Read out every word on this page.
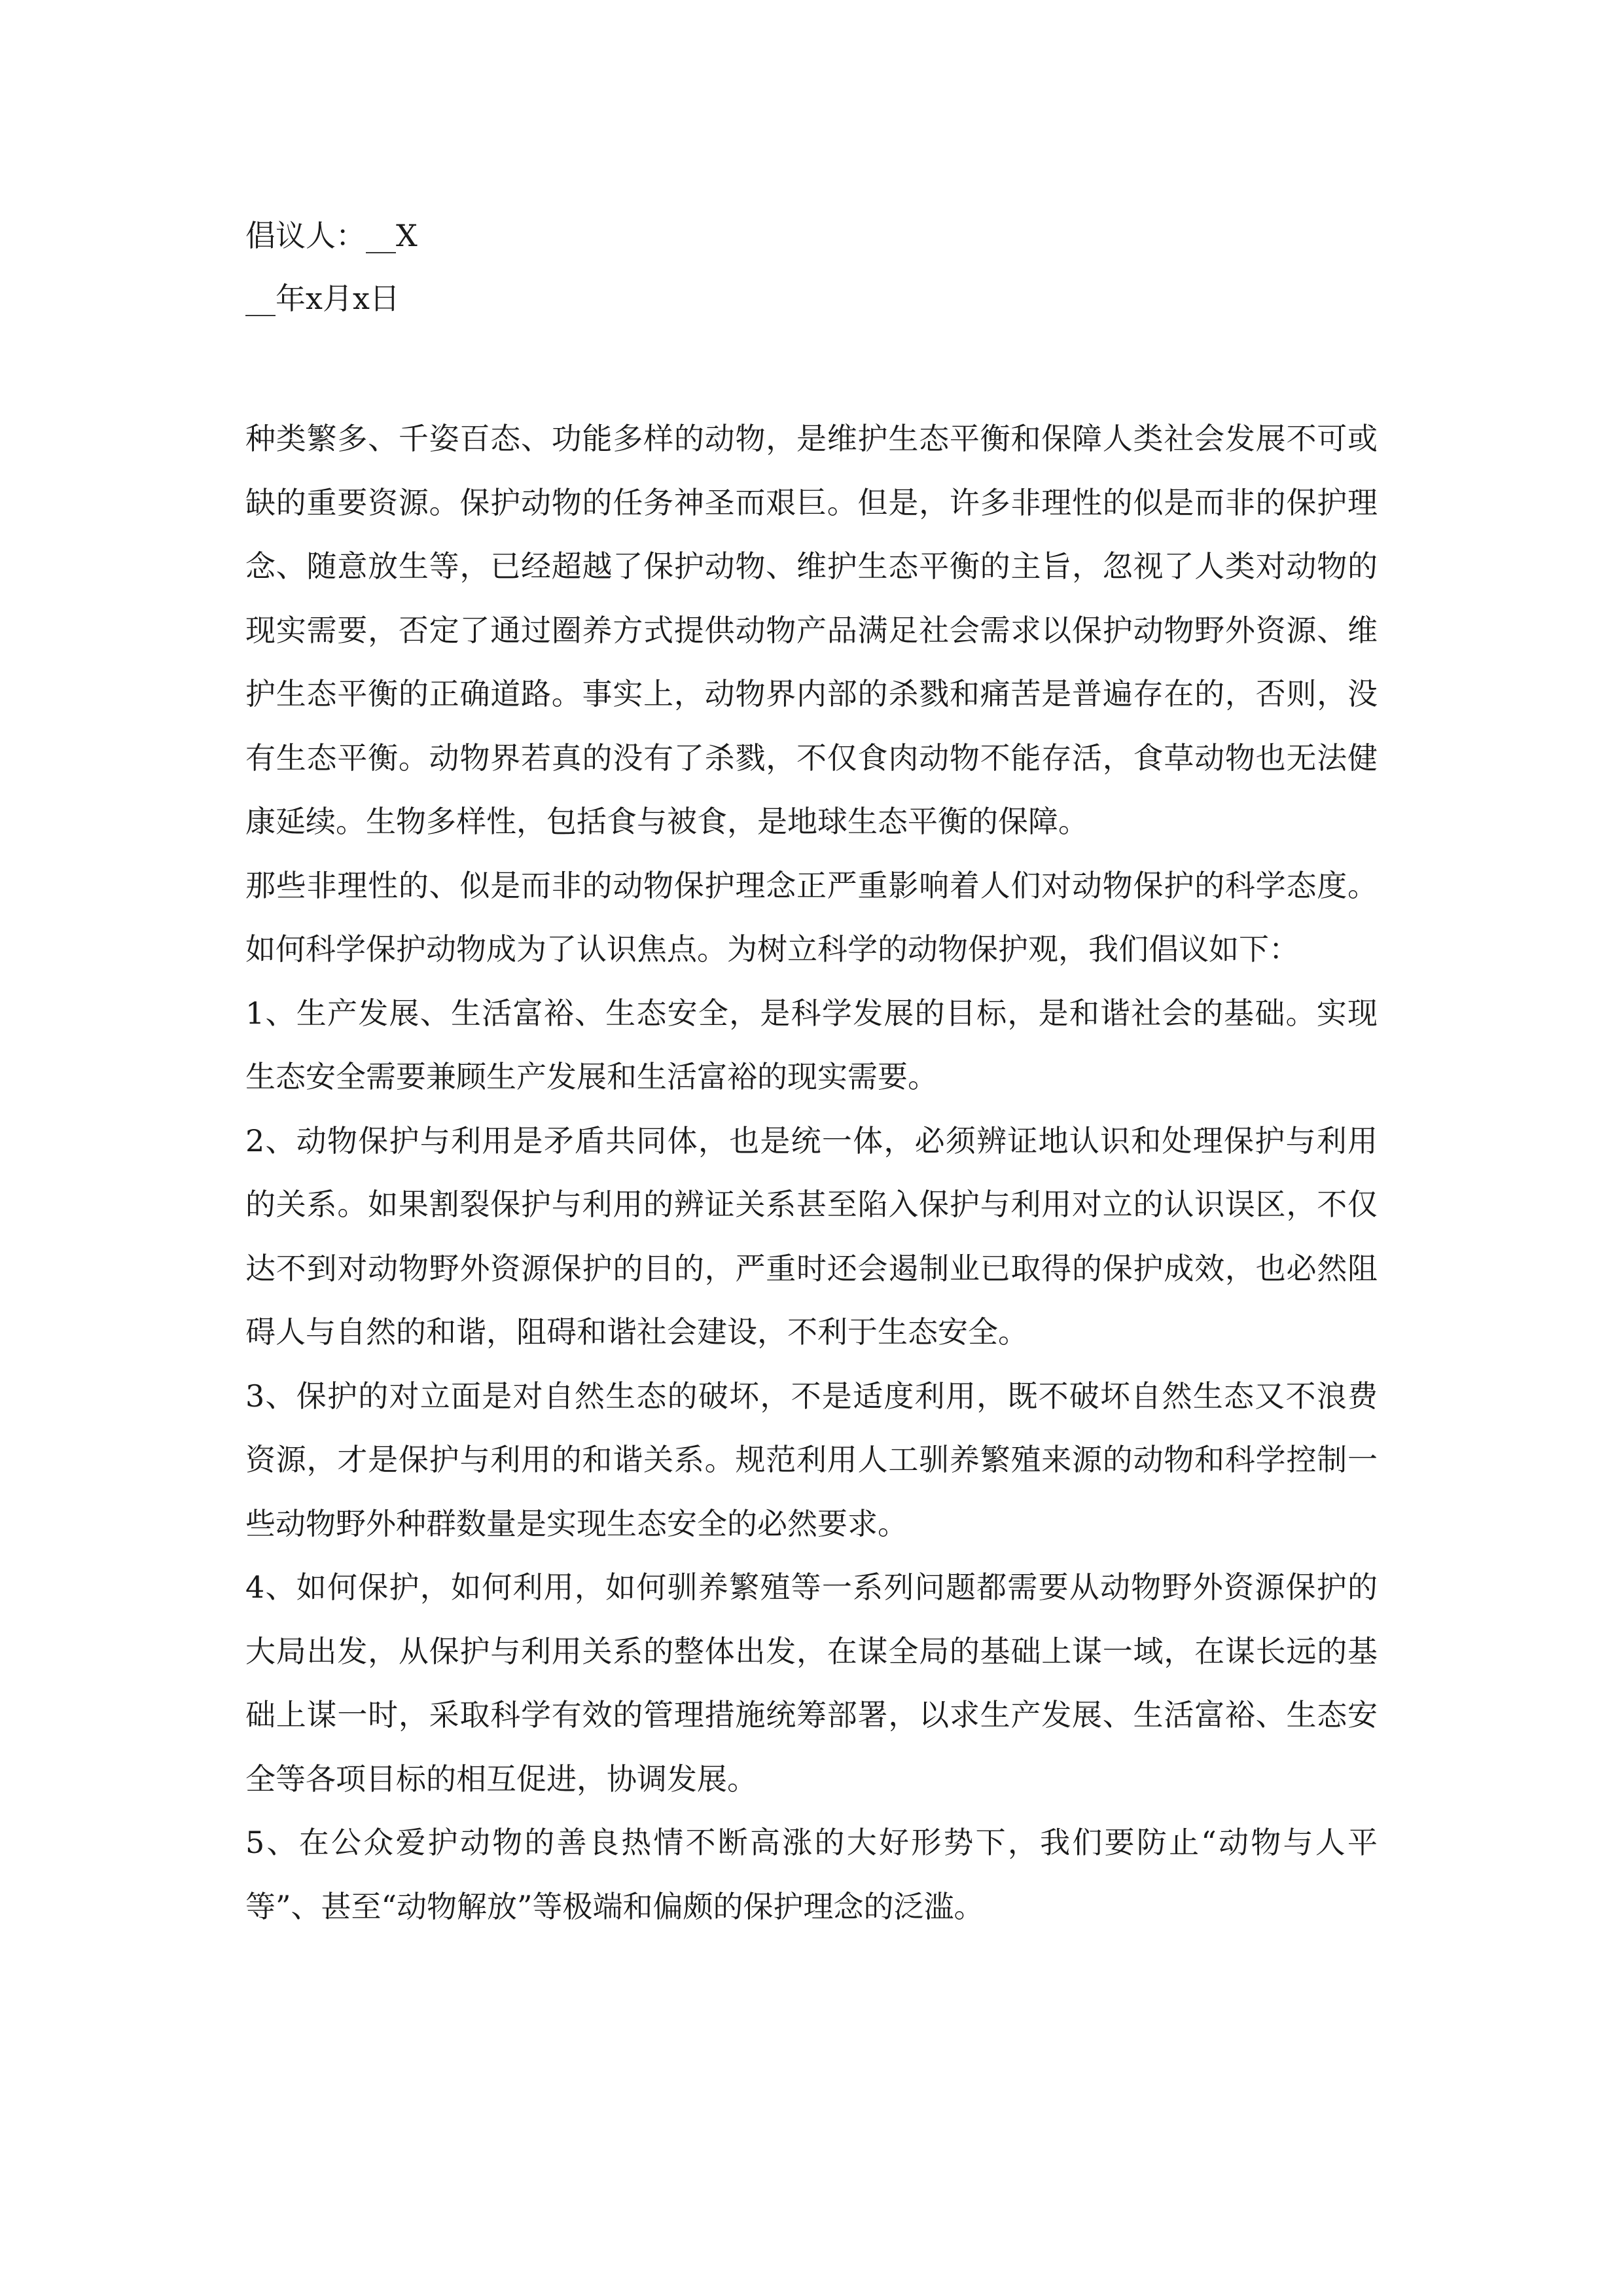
倡议人：__X

__年x月x日

种类繁多、千姿百态、功能多样的动物，是维护生态平衡和保障人类社会发展不可或缺的重要资源。保护动物的任务神圣而艰巨。但是，许多非理性的似是而非的保护理念、随意放生等，已经超越了保护动物、维护生态平衡的主旨，忽视了人类对动物的现实需要，否定了通过圈养方式提供动物产品满足社会需求以保护动物野外资源、维护生态平衡的正确道路。事实上，动物界内部的杀戮和痛苦是普遍存在的，否则，没有生态平衡。动物界若真的没有了杀戮，不仅食肉动物不能存活，食草动物也无法健康延续。生物多样性，包括食与被食，是地球生态平衡的保障。

那些非理性的、似是而非的动物保护理念正严重影响着人们对动物保护的科学态度。如何科学保护动物成为了认识焦点。为树立科学的动物保护观，我们倡议如下：

1、生产发展、生活富裕、生态安全，是科学发展的目标，是和谐社会的基础。实现生态安全需要兼顾生产发展和生活富裕的现实需要。

2、动物保护与利用是矛盾共同体，也是统一体，必须辨证地认识和处理保护与利用的关系。如果割裂保护与利用的辨证关系甚至陷入保护与利用对立的认识误区，不仅达不到对动物野外资源保护的目的，严重时还会遏制业已取得的保护成效，也必然阻碍人与自然的和谐，阻碍和谐社会建设，不利于生态安全。

3、保护的对立面是对自然生态的破坏，不是适度利用，既不破坏自然生态又不浪费资源，才是保护与利用的和谐关系。规范利用人工驯养繁殖来源的动物和科学控制一些动物野外种群数量是实现生态安全的必然要求。

4、如何保护，如何利用，如何驯养繁殖等一系列问题都需要从动物野外资源保护的大局出发，从保护与利用关系的整体出发，在谋全局的基础上谋一域，在谋长远的基础上谋一时，采取科学有效的管理措施统筹部署，以求生产发展、生活富裕、生态安全等各项目标的相互促进，协调发展。

5、在公众爱护动物的善良热情不断高涨的大好形势下，我们要防止“动物与人平等”、甚至“动物解放”等极端和偏颇的保护理念的泛滥。
